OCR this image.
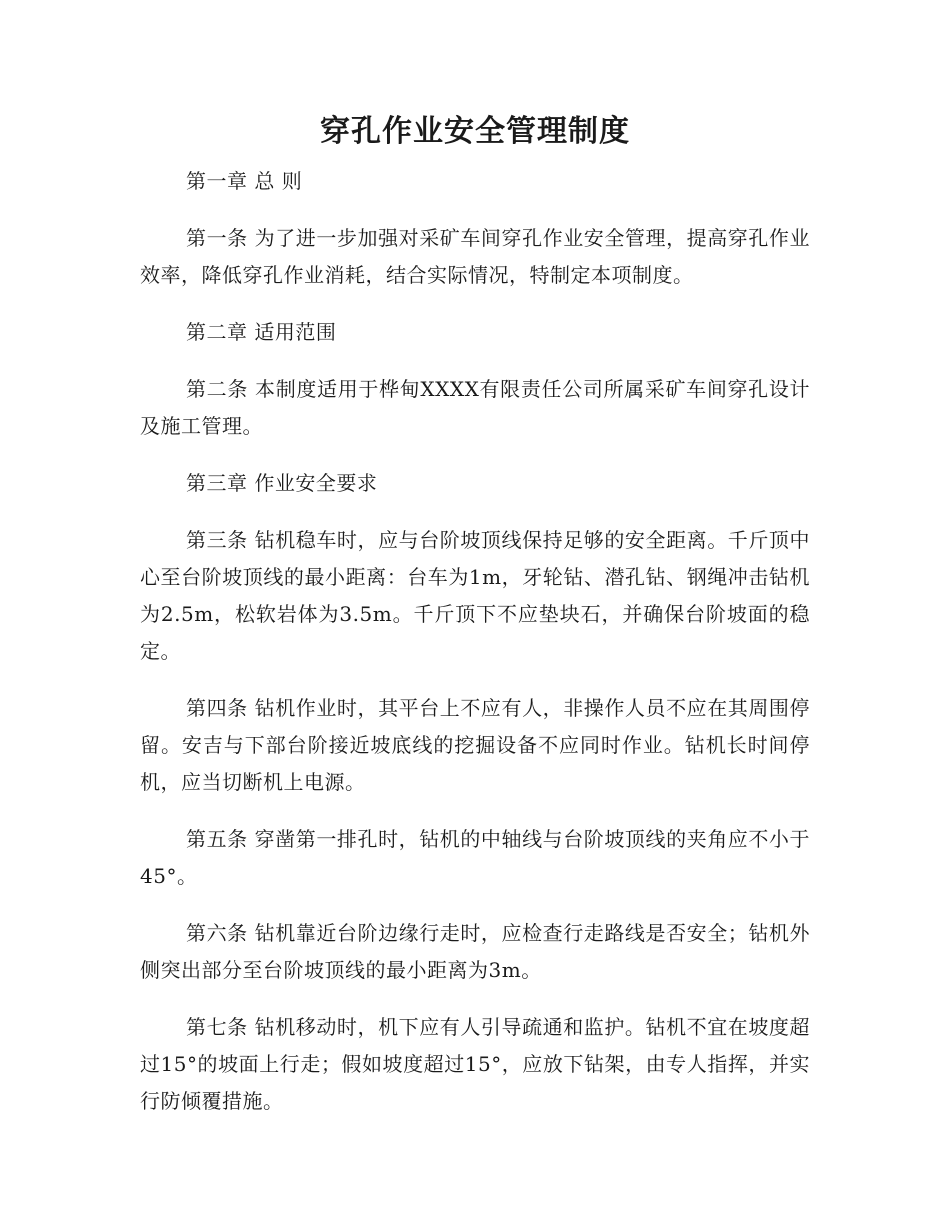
穿孔作业安全管理制度

第一章 总 则

第一条 为了进一步加强对采矿车间穿孔作业安全管理，提高穿孔作业效率，降低穿孔作业消耗，结合实际情况，特制定本项制度。

第二章 适用范围

第二条 本制度适用于桦甸XXXX有限责任公司所属采矿车间穿孔设计及施工管理。

第三章 作业安全要求

第三条 钻机稳车时，应与台阶坡顶线保持足够的安全距离。千斤顶中心至台阶坡顶线的最小距离：台车为1m，牙轮钻、潜孔钻、钢绳冲击钻机为2.5m，松软岩体为3.5m。千斤顶下不应垫块石，并确保台阶坡面的稳定。

第四条 钻机作业时，其平台上不应有人，非操作人员不应在其周围停留。安吉与下部台阶接近坡底线的挖掘设备不应同时作业。钻机长时间停机，应当切断机上电源。

第五条 穿凿第一排孔时，钻机的中轴线与台阶坡顶线的夹角应不小于45°。

第六条 钻机靠近台阶边缘行走时，应检查行走路线是否安全；钻机外侧突出部分至台阶坡顶线的最小距离为3m。

第七条 钻机移动时，机下应有人引导疏通和监护。钻机不宜在坡度超过15°的坡面上行走；假如坡度超过15°，应放下钻架，由专人指挥，并实行防倾覆措施。
